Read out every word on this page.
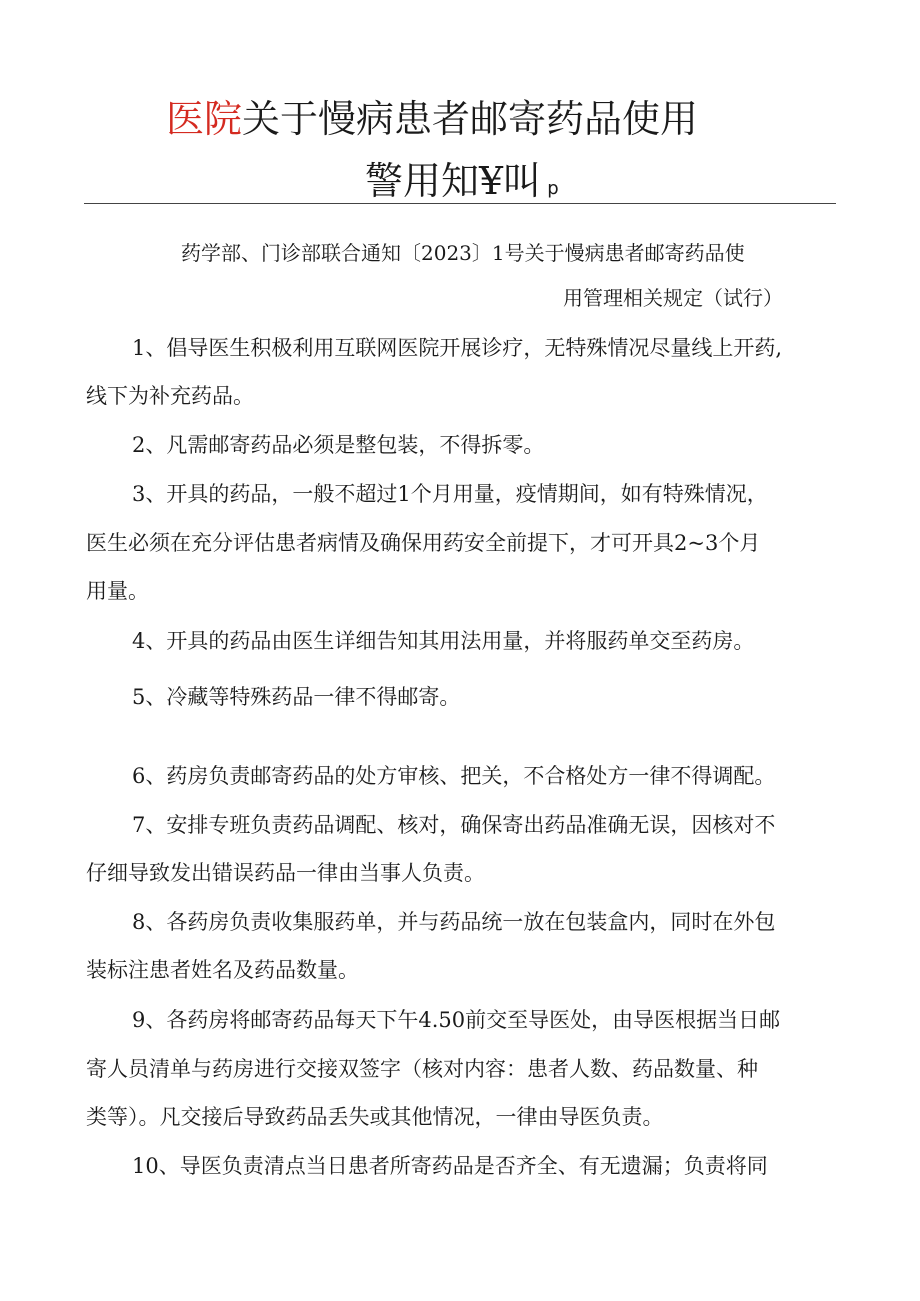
医院关于慢病患者邮寄药品使用
警用知¥叫 p
药学部、门诊部联合通知〔2023〕1号关于慢病患者邮寄药品使
用管理相关规定（试行）
1、倡导医生积极利用互联网医院开展诊疗，无特殊情况尽量线上开药,
线下为补充药品。
2、凡需邮寄药品必须是整包装，不得拆零。
3、开具的药品，一般不超过1个月用量，疫情期间，如有特殊情况，
医生必须在充分评估患者病情及确保用药安全前提下，才可开具2~3个月
用量。
4、开具的药品由医生详细告知其用法用量，并将服药单交至药房。
5、冷藏等特殊药品一律不得邮寄。
6、药房负责邮寄药品的处方审核、把关，不合格处方一律不得调配。
7、安排专班负责药品调配、核对，确保寄出药品准确无误，因核对不
仔细导致发出错误药品一律由当事人负责。
8、各药房负责收集服药单，并与药品统一放在包装盒内，同时在外包
装标注患者姓名及药品数量。
9、各药房将邮寄药品每天下午4.50前交至导医处，由导医根据当日邮
寄人员清单与药房进行交接双签字（核对内容：患者人数、药品数量、种
类等）。凡交接后导致药品丢失或其他情况，一律由导医负责。
10、导医负责清点当日患者所寄药品是否齐全、有无遗漏；负责将同
